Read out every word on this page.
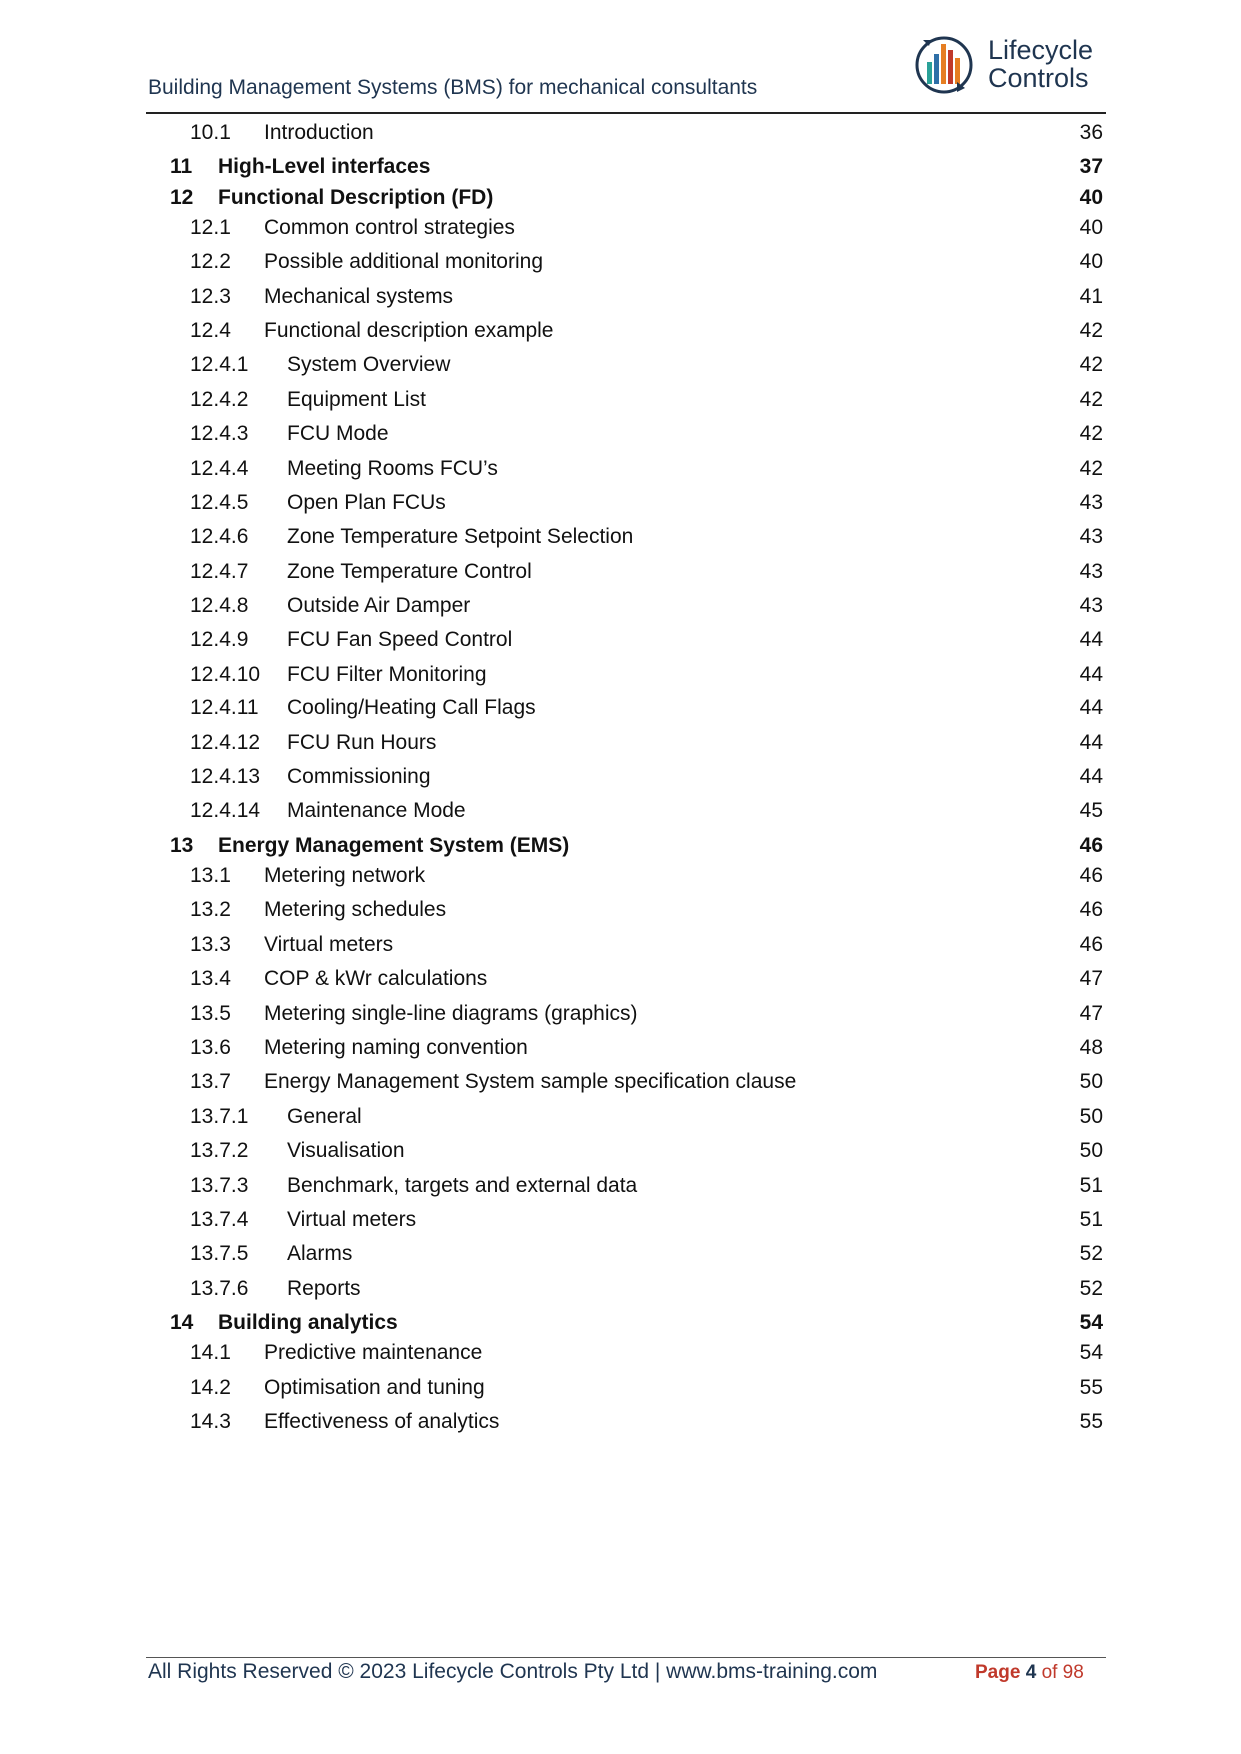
Building Management Systems (BMS) for mechanical consultants
Lifecycle
Controls
10.1 Introduction	36
11 High-Level interfaces	37
12 Functional Description (FD)	40
12.1 Common control strategies	40
12.2 Possible additional monitoring	40
12.3 Mechanical systems	41
12.4 Functional description example	42
12.4.1 System Overview	42
12.4.2 Equipment List	42
12.4.3 FCU Mode	42
12.4.4 Meeting Rooms FCU’s	42
12.4.5 Open Plan FCUs	43
12.4.6 Zone Temperature Setpoint Selection	43
12.4.7 Zone Temperature Control	43
12.4.8 Outside Air Damper	43
12.4.9 FCU Fan Speed Control	44
12.4.10 FCU Filter Monitoring	44
12.4.11 Cooling/Heating Call Flags	44
12.4.12 FCU Run Hours	44
12.4.13 Commissioning	44
12.4.14 Maintenance Mode	45
13 Energy Management System (EMS)	46
13.1 Metering network	46
13.2 Metering schedules	46
13.3 Virtual meters	46
13.4 COP & kWr calculations	47
13.5 Metering single-line diagrams (graphics)	47
13.6 Metering naming convention	48
13.7 Energy Management System sample specification clause	50
13.7.1 General	50
13.7.2 Visualisation	50
13.7.3 Benchmark, targets and external data	51
13.7.4 Virtual meters	51
13.7.5 Alarms	52
13.7.6 Reports	52
14 Building analytics	54
14.1 Predictive maintenance	54
14.2 Optimisation and tuning	55
14.3 Effectiveness of analytics	55
All Rights Reserved © 2023 Lifecycle Controls Pty Ltd | www.bms-training.com	Page 4 of 98
